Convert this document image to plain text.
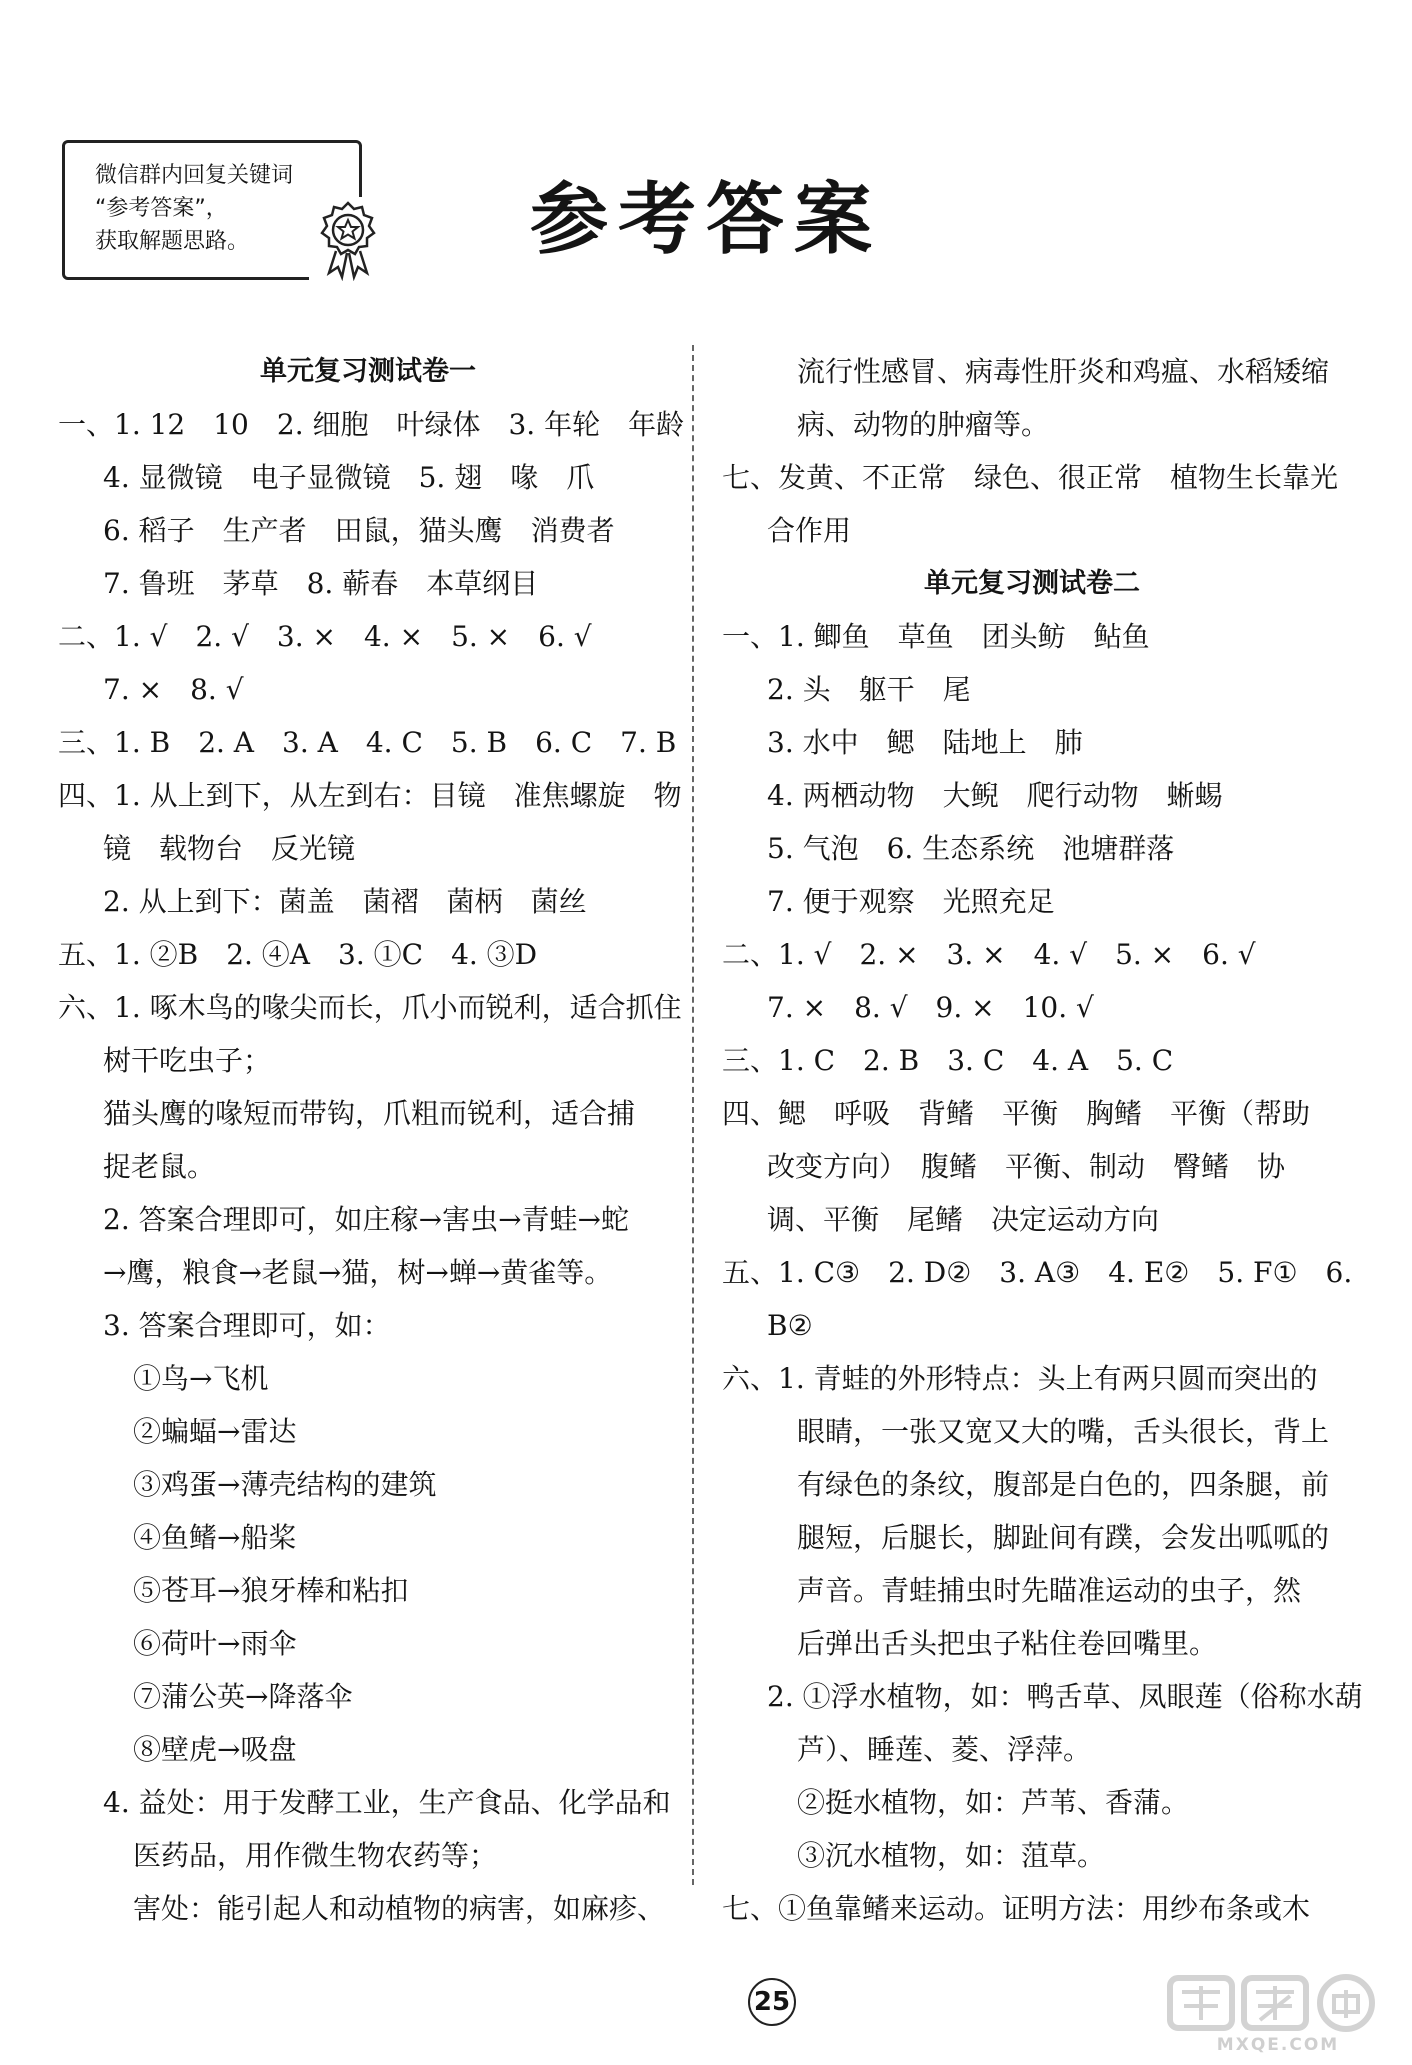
微信群内回复关键词
“参考答案”，
获取解题思路。	参考答案
单元复习测试卷一
一、1. 12　10　2. 细胞　叶绿体　3. 年轮　年龄
4. 显微镜　电子显微镜　5. 翅　喙　爪
6. 稻子　生产者　田鼠，猫头鹰　消费者
7. 鲁班　茅草　8. 蕲春　本草纲目
二、1. √　2. √　3. ×　4. ×　5. ×　6. √
7. ×　8. √
三、1. B　2. A　3. A　4. C　5. B　6. C　7. B
四、1. 从上到下，从左到右：目镜　准焦螺旋　物
镜　载物台　反光镜
2. 从上到下：菌盖　菌褶　菌柄　菌丝
五、1. ②B　2. ④A　3. ①C　4. ③D
六、1. 啄木鸟的喙尖而长，爪小而锐利，适合抓住
树干吃虫子；
猫头鹰的喙短而带钩，爪粗而锐利，适合捕
捉老鼠。
2. 答案合理即可，如庄稼→害虫→青蛙→蛇
→鹰，粮食→老鼠→猫，树→蝉→黄雀等。
3. 答案合理即可，如：
①鸟→飞机
②蝙蝠→雷达
③鸡蛋→薄壳结构的建筑
④鱼鳍→船桨
⑤苍耳→狼牙棒和粘扣
⑥荷叶→雨伞
⑦蒲公英→降落伞
⑧壁虎→吸盘
4. 益处：用于发酵工业，生产食品、化学品和
医药品，用作微生物农药等；
害处：能引起人和动植物的病害，如麻疹、
流行性感冒、病毒性肝炎和鸡瘟、水稻矮缩
病、动物的肿瘤等。
七、发黄、不正常　绿色、很正常　植物生长靠光
合作用
单元复习测试卷二
一、1. 鲫鱼　草鱼　团头鲂　鲇鱼
2. 头　躯干　尾
3. 水中　鳃　陆地上　肺
4. 两栖动物　大鲵　爬行动物　蜥蜴
5. 气泡　6. 生态系统　池塘群落
7. 便于观察　光照充足
二、1. √　2. ×　3. ×　4. √　5. ×　6. √
7. ×　8. √　9. ×　10. √
三、1. C　2. B　3. C　4. A　5. C
四、鳃　呼吸　背鳍　平衡　胸鳍　平衡（帮助
改变方向）　腹鳍　平衡、制动　臀鳍　协
调、平衡　尾鳍　决定运动方向
五、1. C③　2. D②　3. A③　4. E②　5. F①　6.
B②
六、1. 青蛙的外形特点：头上有两只圆而突出的
眼睛，一张又宽又大的嘴，舌头很长，背上
有绿色的条纹，腹部是白色的，四条腿，前
腿短，后腿长，脚趾间有蹼，会发出呱呱的
声音。青蛙捕虫时先瞄准运动的虫子，然
后弹出舌头把虫子粘住卷回嘴里。
2. ①浮水植物，如：鸭舌草、凤眼莲（俗称水葫
芦）、睡莲、菱、浮萍。
②挺水植物，如：芦苇、香蒲。
③沉水植物，如：菹草。
七、①鱼靠鳍来运动。证明方法：用纱布条或木
25
MXQE.COM
